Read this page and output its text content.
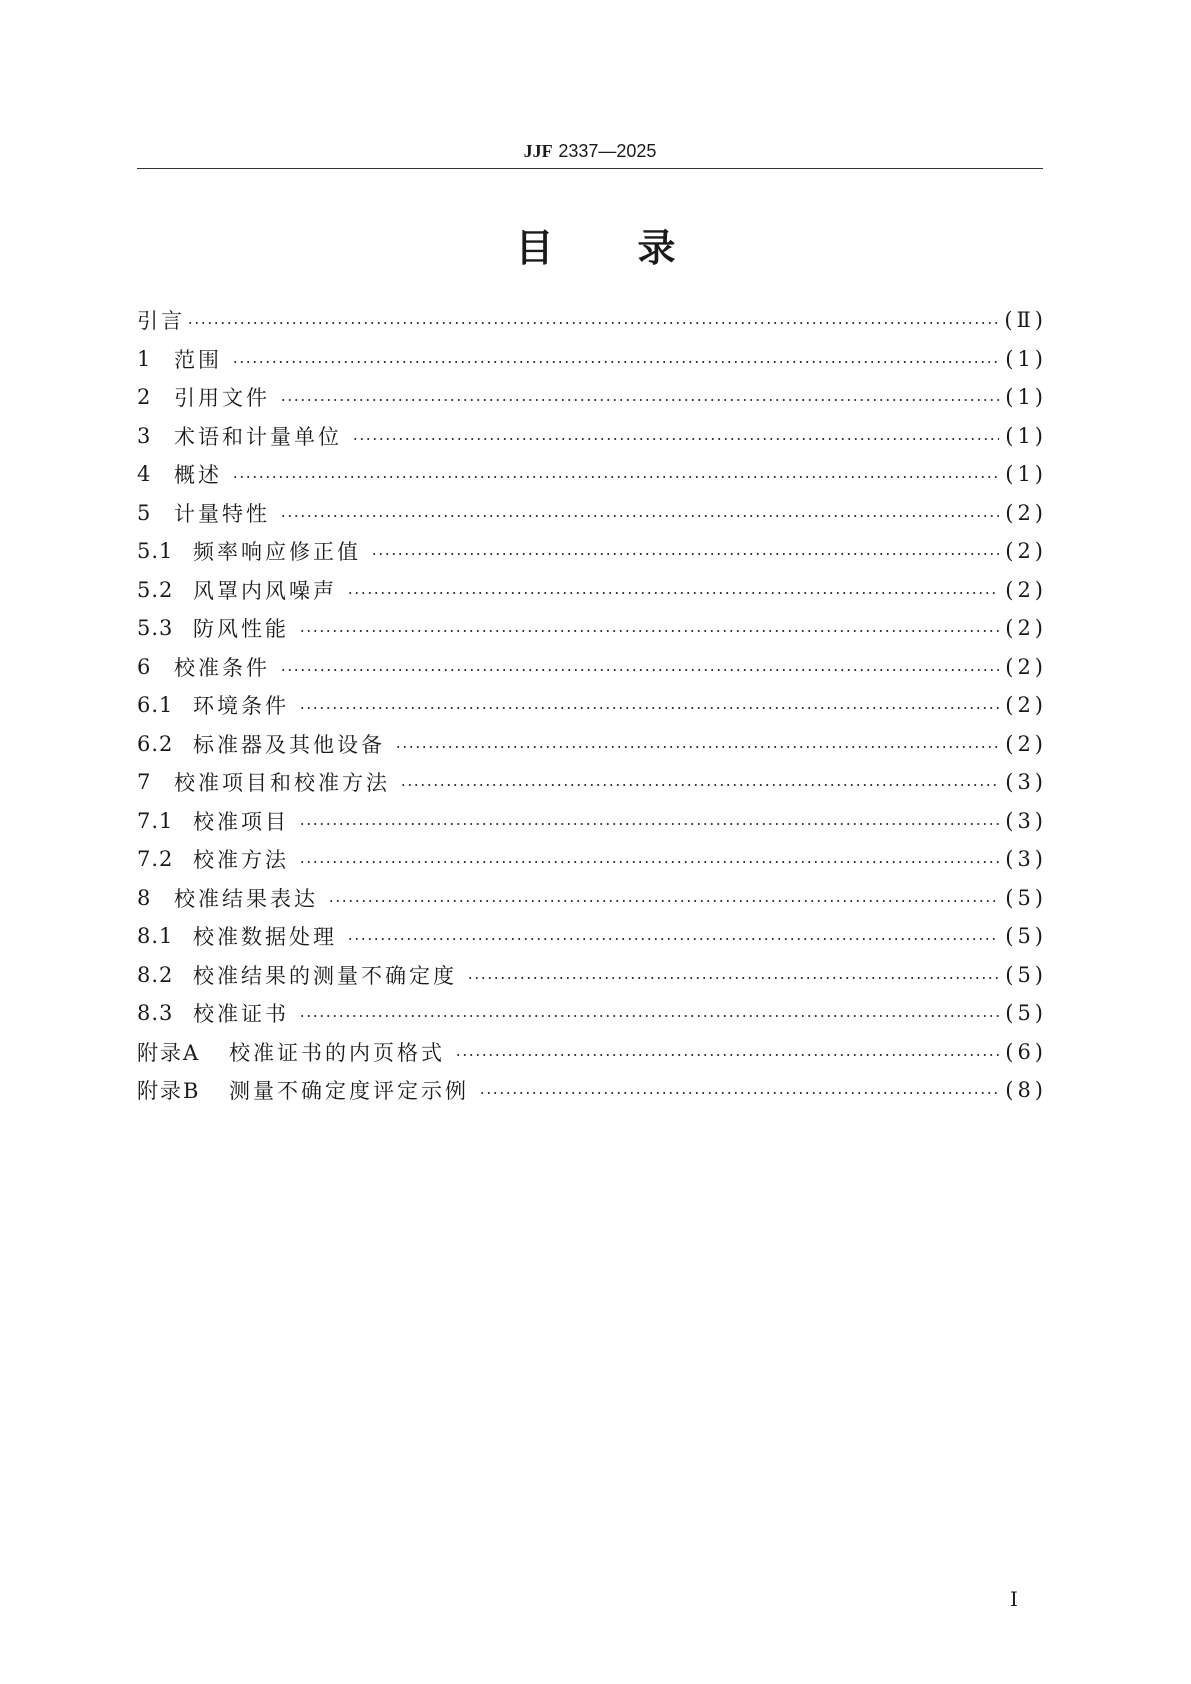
JJF 2337—2025
目 录
引言	(Ⅱ)
1	范围	(1)
2	引用文件	(1)
3	术语和计量单位	(1)
4	概述	(1)
5	计量特性	(2)
5.1 频率响应修正值	(2)
5.2 风罩内风噪声	(2)
5.3 防风性能	(2)
6	校准条件	(2)
6.1 环境条件	(2)
6.2 标准器及其他设备	(2)
7	校准项目和校准方法	(3)
7.1 校准项目	(3)
7.2 校准方法	(3)
8	校准结果表达	(5)
8.1 校准数据处理	(5)
8.2 校准结果的测量不确定度	(5)
8.3 校准证书	(5)
附录A	校准证书的内页格式	(6)
附录B	测量不确定度评定示例	(8)
I
